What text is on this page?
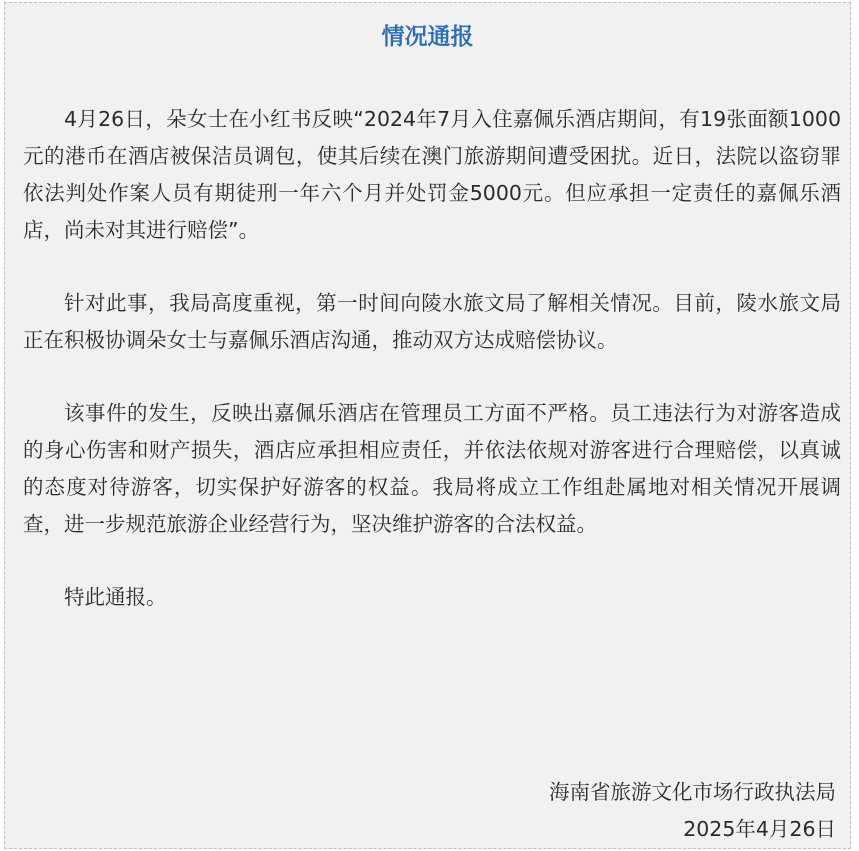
情况通报

4月26日，朵女士在小红书反映“2024年7月入住嘉佩乐酒店期间，有19张面额1000元的港币在酒店被保洁员调包，使其后续在澳门旅游期间遭受困扰。近日，法院以盗窃罪依法判处作案人员有期徒刑一年六个月并处罚金5000元。但应承担一定责任的嘉佩乐酒店，尚未对其进行赔偿”。

针对此事，我局高度重视，第一时间向陵水旅文局了解相关情况。目前，陵水旅文局正在积极协调朵女士与嘉佩乐酒店沟通，推动双方达成赔偿协议。

该事件的发生，反映出嘉佩乐酒店在管理员工方面不严格。员工违法行为对游客造成的身心伤害和财产损失，酒店应承担相应责任，并依法依规对游客进行合理赔偿，以真诚的态度对待游客，切实保护好游客的权益。我局将成立工作组赴属地对相关情况开展调查，进一步规范旅游企业经营行为，坚决维护游客的合法权益。

特此通报。

海南省旅游文化市场行政执法局
2025年4月26日
